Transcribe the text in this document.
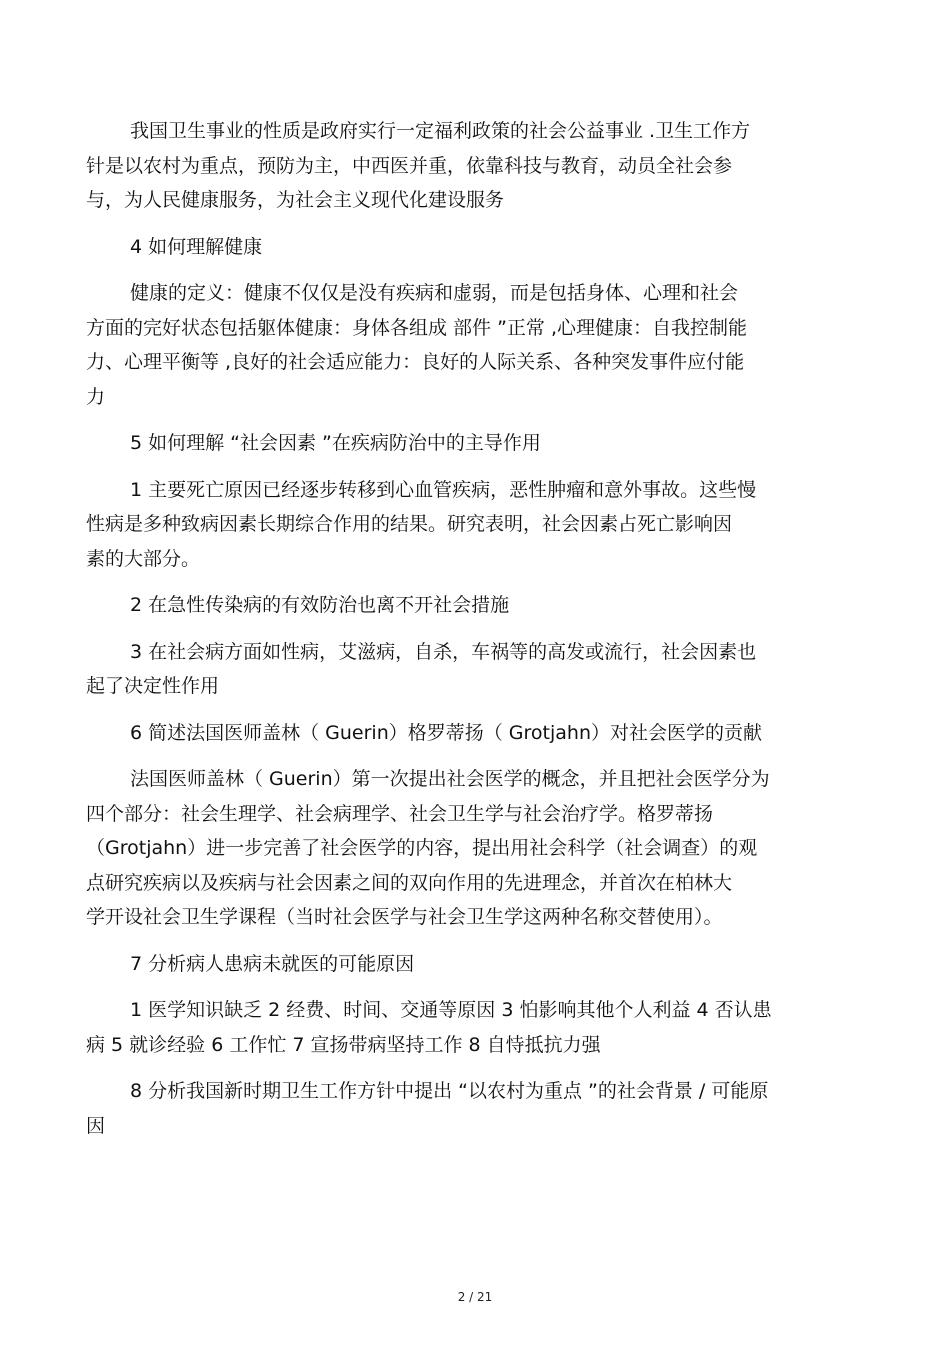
我国卫生事业的性质是政府实行一定福利政策的社会公益事业 .卫生工作方
针是以农村为重点，预防为主，中西医并重，依靠科技与教育，动员全社会参
与，为人民健康服务，为社会主义现代化建设服务
4 如何理解健康
健康的定义：健康不仅仅是没有疾病和虚弱，而是包括身体、心理和社会
方面的完好状态包括躯体健康：身体各组成 部件 ”正常 ,心理健康：自我控制能
力、心理平衡等 ,良好的社会适应能力：良好的人际关系、各种突发事件应付能
力
5 如何理解 “社会因素 ”在疾病防治中的主导作用
1 主要死亡原因已经逐步转移到心血管疾病，恶性肿瘤和意外事故。这些慢
性病是多种致病因素长期综合作用的结果。研究表明，社会因素占死亡影响因
素的大部分。
2 在急性传染病的有效防治也离不开社会措施
3 在社会病方面如性病，艾滋病，自杀，车祸等的高发或流行，社会因素也
起了决定性作用
6 简述法国医师盖林（ Guerin）格罗蒂扬（ Grotjahn）对社会医学的贡献
法国医师盖林（ Guerin）第一次提出社会医学的概念，并且把社会医学分为
四个部分：社会生理学、社会病理学、社会卫生学与社会治疗学。格罗蒂扬
（Grotjahn）进一步完善了社会医学的内容，提出用社会科学（社会调查）的观
点研究疾病以及疾病与社会因素之间的双向作用的先进理念，并首次在柏林大
学开设社会卫生学课程（当时社会医学与社会卫生学这两种名称交替使用）。
7 分析病人患病未就医的可能原因
1 医学知识缺乏 2 经费、时间、交通等原因 3 怕影响其他个人利益 4 否认患
病 5 就诊经验 6 工作忙 7 宣扬带病坚持工作 8 自恃抵抗力强
8 分析我国新时期卫生工作方针中提出 “以农村为重点 ”的社会背景 / 可能原
因
2 / 21
